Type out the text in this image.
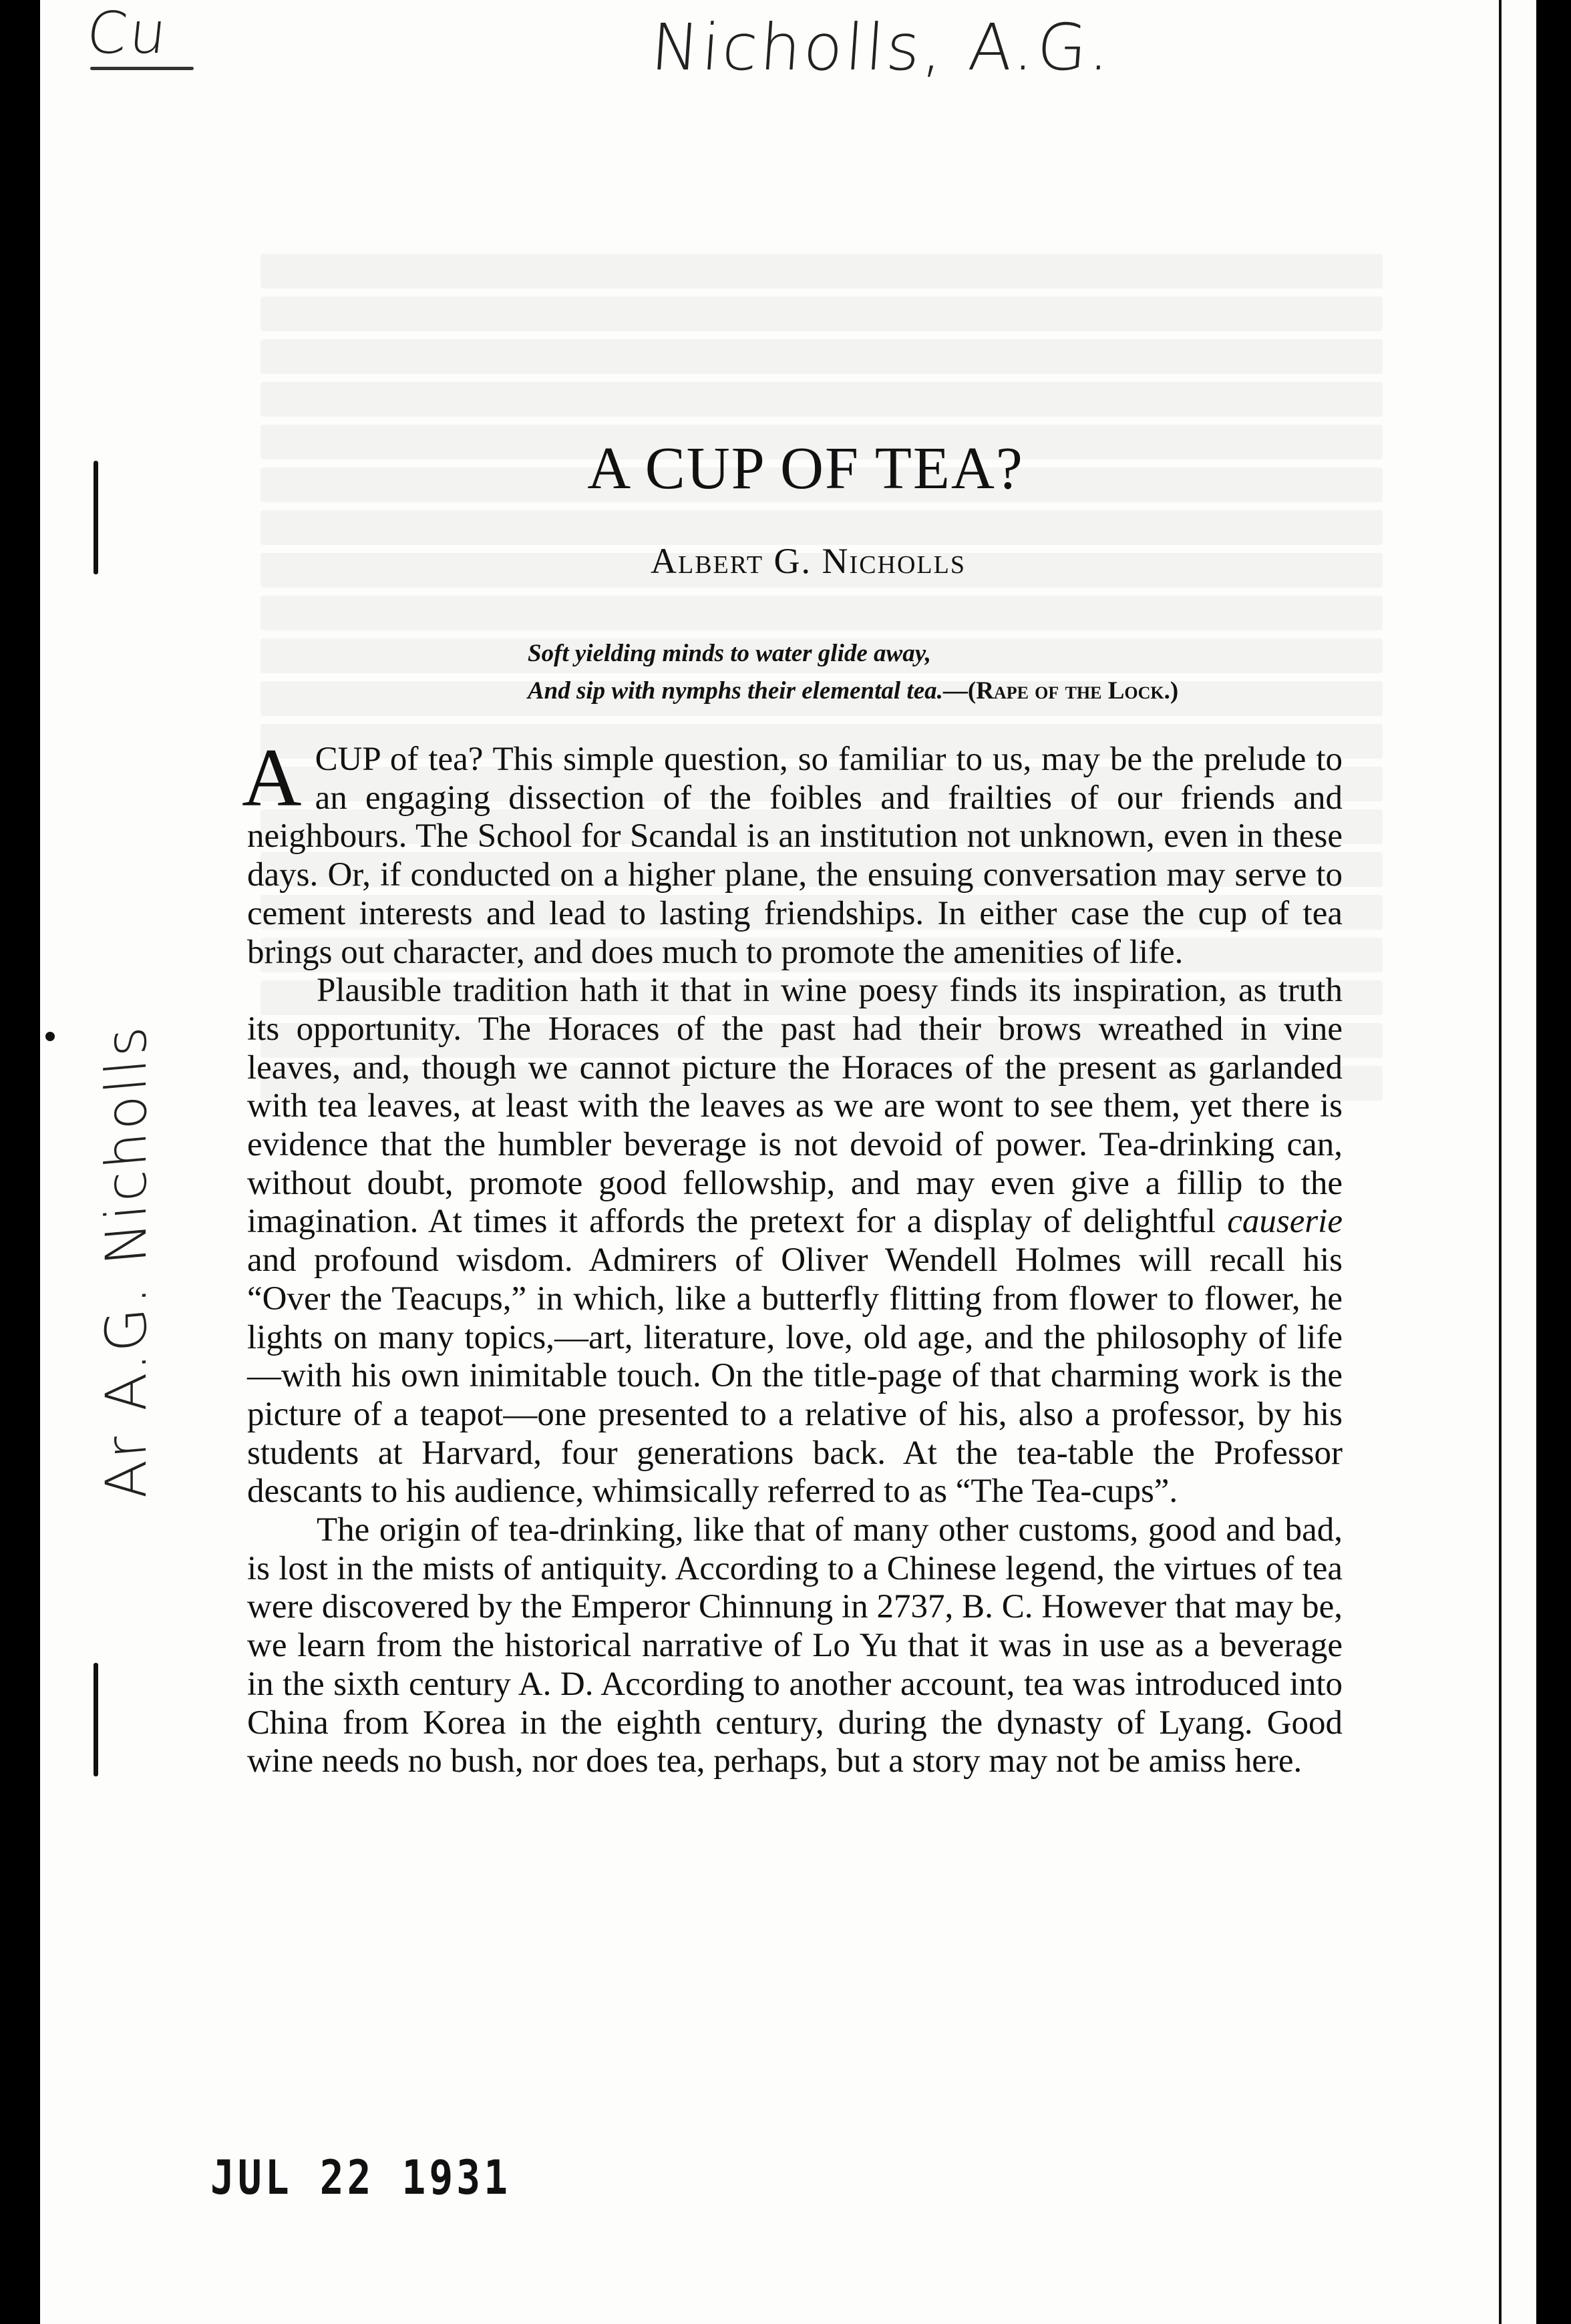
Cu	Nicholls, A.G.
Ar A.G. Nicholls
A CUP OF TEA?
Albert G. Nicholls
Soft yielding minds to water glide away,
And sip with nymphs their elemental tea.—(Rape of the Lock.)

ACUP of tea? This simple question, so familiar to us, may be the prelude to an engaging dissection of the foibles and frailties of our friends and neighbours. The School for Scandal is an institution not unknown, even in these days. Or, if conducted on a higher plane, the ensuing conversation may serve to cement interests and lead to lasting friendships. In either case the cup of tea brings out character, and does much to promote the amenities of life.

Plausible tradition hath it that in wine poesy finds its inspiration, as truth its opportunity. The Horaces of the past had their brows wreathed in vine leaves, and, though we cannot picture the Horaces of the present as garlanded with tea leaves, at least with the leaves as we are wont to see them, yet there is evidence that the humbler beverage is not devoid of power. Tea-drinking can, without doubt, promote good fellowship, and may even give a fillip to the imagination. At times it affords the pretext for a display of delightful causerie and profound wisdom. Admirers of Oliver Wendell Holmes will recall his “Over the Teacups,” in which, like a butterfly flitting from flower to flower, he lights on many topics,—art, literature, love, old age, and the philosophy of life—with his own inimitable touch. On the title-page of that charming work is the picture of a teapot—one presented to a relative of his, also a professor, by his students at Harvard, four generations back. At the tea-table the Professor descants to his audience, whimsically referred to as “The Tea-cups”.

The origin of tea-drinking, like that of many other customs, good and bad, is lost in the mists of antiquity. According to a Chinese legend, the virtues of tea were discovered by the Emperor Chinnung in 2737, B. C. However that may be, we learn from the historical narrative of Lo Yu that it was in use as a beverage in the sixth century A. D. According to another account, tea was introduced into China from Korea in the eighth century, during the dynasty of Lyang. Good wine needs no bush, nor does tea, perhaps, but a story may not be amiss here.

JUL 22 1931
